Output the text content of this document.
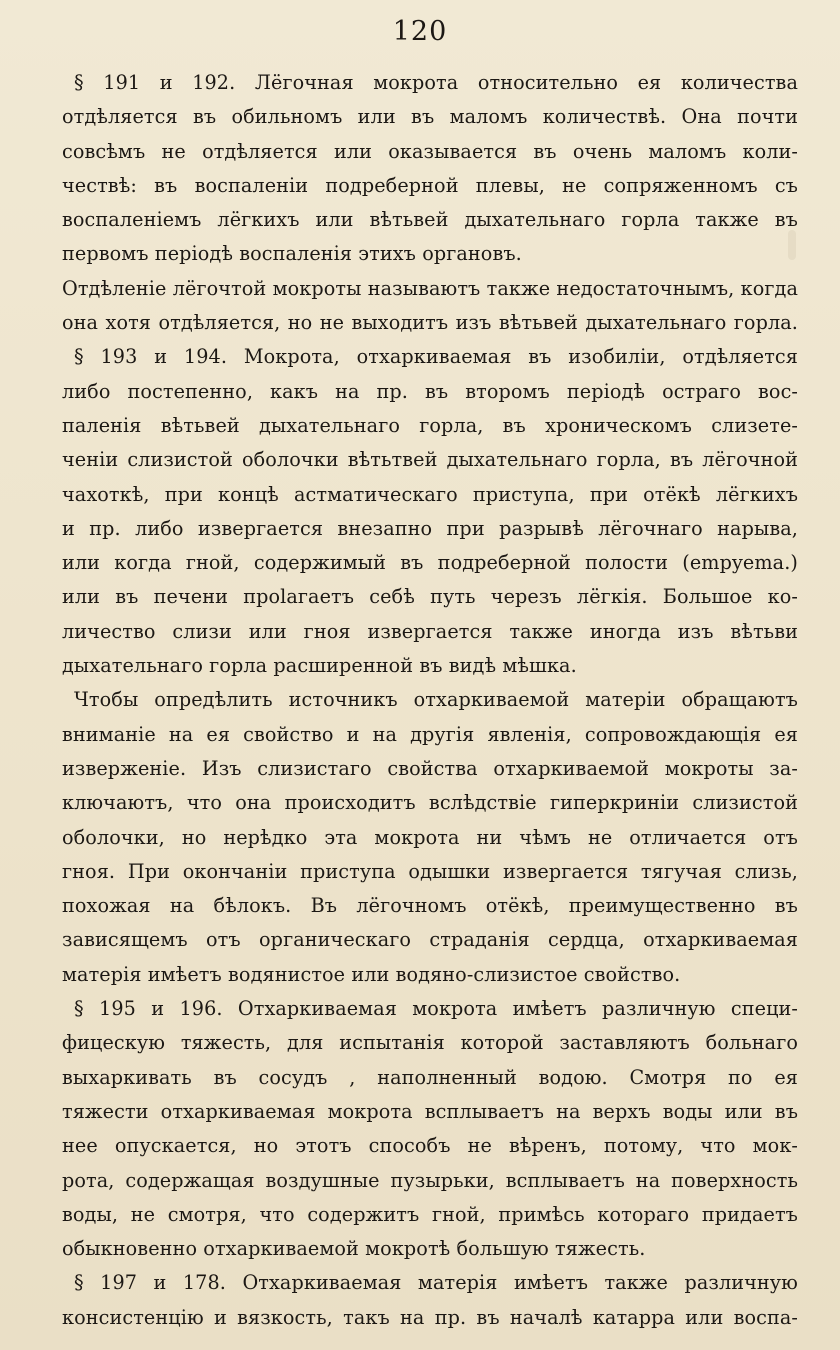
120
§ 191 и 192. Лёгочная мокрота относительно ея количества
отдѣляется въ обильномъ или въ маломъ количествѣ. Она почти
совсѣмъ не отдѣляется или оказывается въ очень маломъ коли-
чествѣ: въ воспаленіи подреберной плевы, не сопряженномъ съ
воспаленіемъ лёгкихъ или вѣтьвей дыхательнаго горла также въ
первомъ періодѣ воспаленія этихъ органовъ.
Отдѣленіе лёгочтой мокроты называютъ также недостаточнымъ, когда
она хотя отдѣляется, но не выходитъ изъ вѣтьвей дыхательнаго горла.
§ 193 и 194. Мокрота, отхаркиваемая въ изобиліи, отдѣляется
либо постепенно, какъ на пр. въ второмъ періодѣ остраго вос-
паленія вѣтьвей дыхательнаго горла, въ хроническомъ слизете-
ченіи слизистой оболочки вѣтьтвей дыхательнаго горла, въ лёгочной
чахоткѣ, при концѣ астматическаго приступа, при отёкѣ лёгкихъ
и пр. либо извергается внезапно при разрывѣ лёгочнаго нарыва,
или когда гной, содержимый въ подреберной полости (empyema.)
или въ печени прolaгаетъ себѣ путь черезъ лёгкія. Большое ко-
личество слизи или гноя извергается также иногда изъ вѣтьви
дыхательнаго горла расширенной въ видѣ мѣшка.
Чтобы опредѣлить источникъ отхаркиваемой матеріи обращаютъ
вниманіе на ея свойство и на другія явленія, сопровождающія ея
изверженіе. Изъ слизистаго свойства отхаркиваемой мокроты за-
ключаютъ, что она происходитъ вслѣдствіе гиперкриніи слизистой
оболочки, но нерѣдко эта мокрота ни чѣмъ не отличается отъ
гноя. При окончаніи приступа одышки извергается тягучая слизь,
похожая на бѣлокъ. Въ лёгочномъ отёкѣ, преимущественно въ
зависящемъ отъ органическаго страданія сердца, отхаркиваемая
матерія имѣетъ водянистое или водяно-слизистое свойство.
§ 195 и 196. Отхаркиваемая мокрота имѣетъ различную специ-
фицескую тяжесть, для испытанія которой заставляютъ больнаго
выхаркивать въ сосудъ , наполненный водою. Смотря по ея
тяжести отхаркиваемая мокрота всплываетъ на верхъ воды или въ
нее опускается, но этотъ способъ не вѣренъ, потому, что мок-
рота, содержащая воздушные пузырьки, всплываетъ на поверхность
воды, не смотря, что содержитъ гной, примѣсь котораго придаетъ
обыкновенно отхаркиваемой мокротѣ большую тяжесть.
§ 197 и 178. Отхаркиваемая матерія имѣетъ также различную
консистенцію и вязкость, такъ на пр. въ началѣ катарра или воспа-
